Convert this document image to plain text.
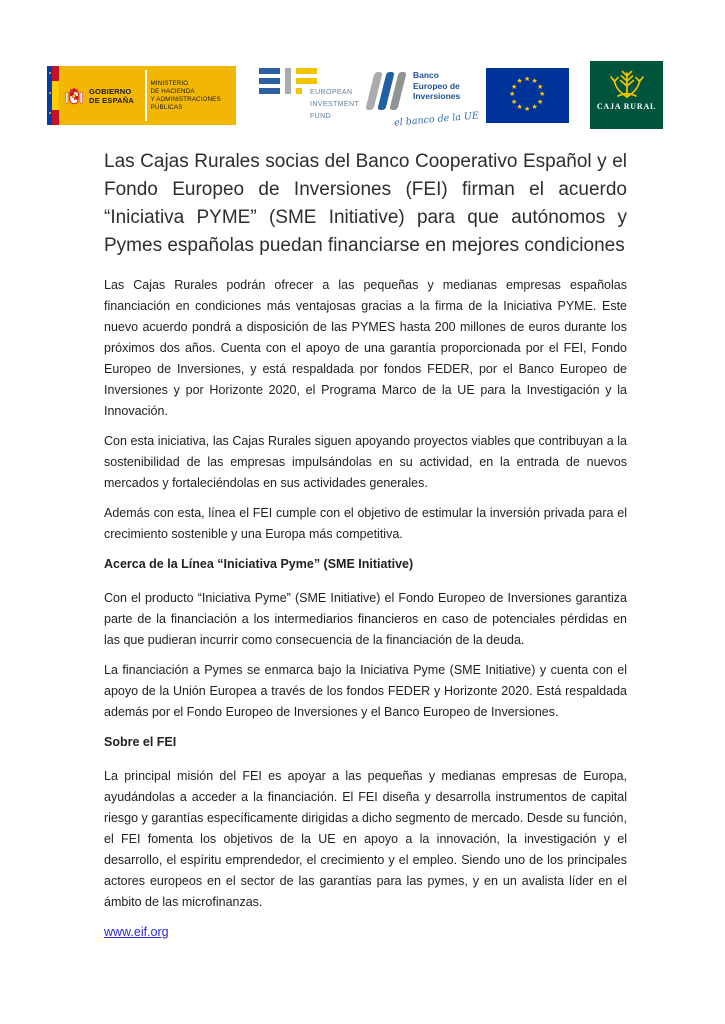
GOBIERNO
DE ESPAÑA
MINISTERIO
DE HACIENDA
Y ADMINISTRACIONES PÚBLICAS
EUROPEAN
INVESTMENT
FUND
Banco
Europeo de
Inversiones
el banco de la UE
★ ★
★
★
★
★
★
★
★
★
★
★
CAJA RURAL
Las Cajas Rurales socias del Banco Cooperativo Español y el Fondo Europeo de Inversiones (FEI) firman el acuerdo “Iniciativa PYME” (SME Initiative) para que autónomos y Pymes españolas puedan financiarse en mejores condiciones

Las Cajas Rurales podrán ofrecer a las pequeñas y medianas empresas españolas financiación en condiciones más ventajosas gracias a la firma de la Iniciativa PYME. Este nuevo acuerdo pondrá a disposición de las PYMES hasta 200 millones de euros durante los próximos dos años. Cuenta con el apoyo de una garantía proporcionada por el FEI, Fondo Europeo de Inversiones, y está respaldada por fondos FEDER, por el Banco Europeo de Inversiones y por Horizonte 2020, el Programa Marco de la UE para la Investigación y la Innovación.

Con esta iniciativa, las Cajas Rurales siguen apoyando proyectos viables que contribuyan a la sostenibilidad de las empresas impulsándolas en su actividad, en la entrada de nuevos mercados y fortaleciéndolas en sus actividades generales.

Además con esta, línea el FEI cumple con el objetivo de estimular la inversión privada para el crecimiento sostenible y una Europa más competitiva.

Acerca de la Línea “Iniciativa Pyme” (SME Initiative)

Con el producto “Iniciativa Pyme” (SME Initiative) el Fondo Europeo de Inversiones garantiza parte de la financiación a los intermediarios financieros en caso de potenciales pérdidas en las que pudieran incurrir como consecuencia de la financiación de la deuda.

La financiación a Pymes se enmarca bajo la Iniciativa Pyme (SME Initiative) y cuenta con el apoyo de la Unión Europea a través de los fondos FEDER y Horizonte 2020. Está respaldada además por el Fondo Europeo de Inversiones y el Banco Europeo de Inversiones.

Sobre el FEI

La principal misión del FEI es apoyar a las pequeñas y medianas empresas de Europa, ayudándolas a acceder a la financiación. El FEI diseña y desarrolla instrumentos de capital riesgo y garantías específicamente dirigidas a dicho segmento de mercado. Desde su función, el FEI fomenta los objetivos de la UE en apoyo a la innovación, la investigación y el desarrollo, el espíritu emprendedor, el crecimiento y el empleo. Siendo uno de los principales actores europeos en el sector de las garantías para las pymes, y en un avalista líder en el ámbito de las microfinanzas.

www.eif.org
